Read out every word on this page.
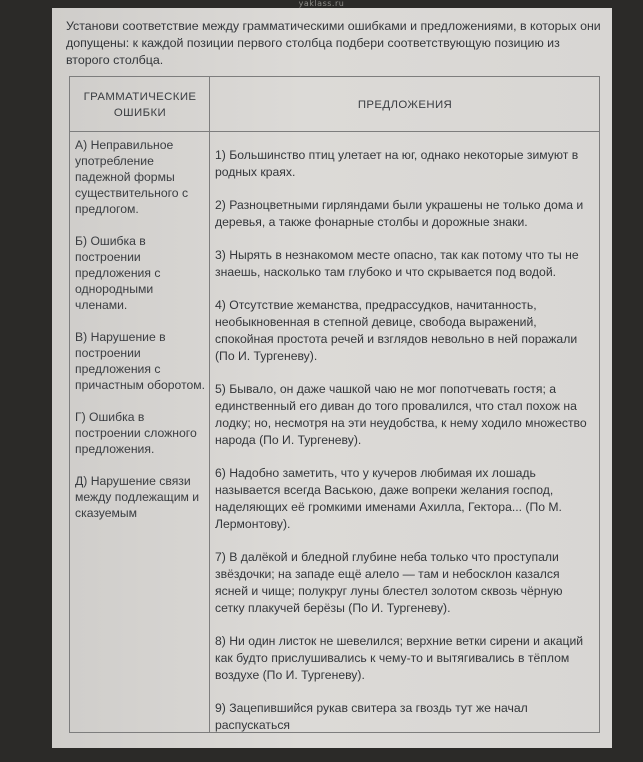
yaklass.ru

Установи соответствие между грамматическими ошибками и предложениями, в которых они допущены: к каждой позиции первого столбца подбери соответствующую позицию из второго столбца.

ГРАММАТИЧЕСКИЕ ОШИБКИ
ПРЕДЛОЖЕНИЯ

А) Неправильное употребление падежной формы существительного с предлогом.

Б) Ошибка в построении предложения с однородными членами.

В) Нарушение в построении предложения с причастным оборотом.

Г) Ошибка в построении сложного предложения.

Д) Нарушение связи между подлежащим и сказуемым

1) Большинство птиц улетает на юг, однако некоторые зимуют в родных краях.

2) Разноцветными гирляндами были украшены не только дома и деревья, а также фонарные столбы и дорожные знаки.

3) Нырять в незнакомом месте опасно, так как потому что ты не знаешь, насколько там глубоко и что скрывается под водой.

4) Отсутствие жеманства, предрассудков, начитанность, необыкновенная в степной девице, свобода выражений, спокойная простота речей и взглядов невольно в ней поражали (По И. Тургеневу).

5) Бывало, он даже чашкой чаю не мог попотчевать гостя; а единственный его диван до того провалился, что стал похож на лодку; но, несмотря на эти неудобства, к нему ходило множество народа (По И. Тургеневу).

6) Надобно заметить, что у кучеров любимая их лошадь называется всегда Ваською, даже вопреки желания господ, наделяющих её громкими именами Ахилла, Гектора... (По М. Лермонтову).

7) В далёкой и бледной глубине неба только что проступали звёздочки; на западе ещё алело — там и небосклон казался ясней и чище; полукруг луны блестел золотом сквозь чёрную сетку плакучей берёзы (По И. Тургеневу).

8) Ни один листок не шевелился; верхние ветки сирени и акаций как будто прислушивались к чему-то и вытягивались в тёплом воздухе (По И. Тургеневу).

9) Зацепившийся рукав свитера за гвоздь тут же начал распускаться
